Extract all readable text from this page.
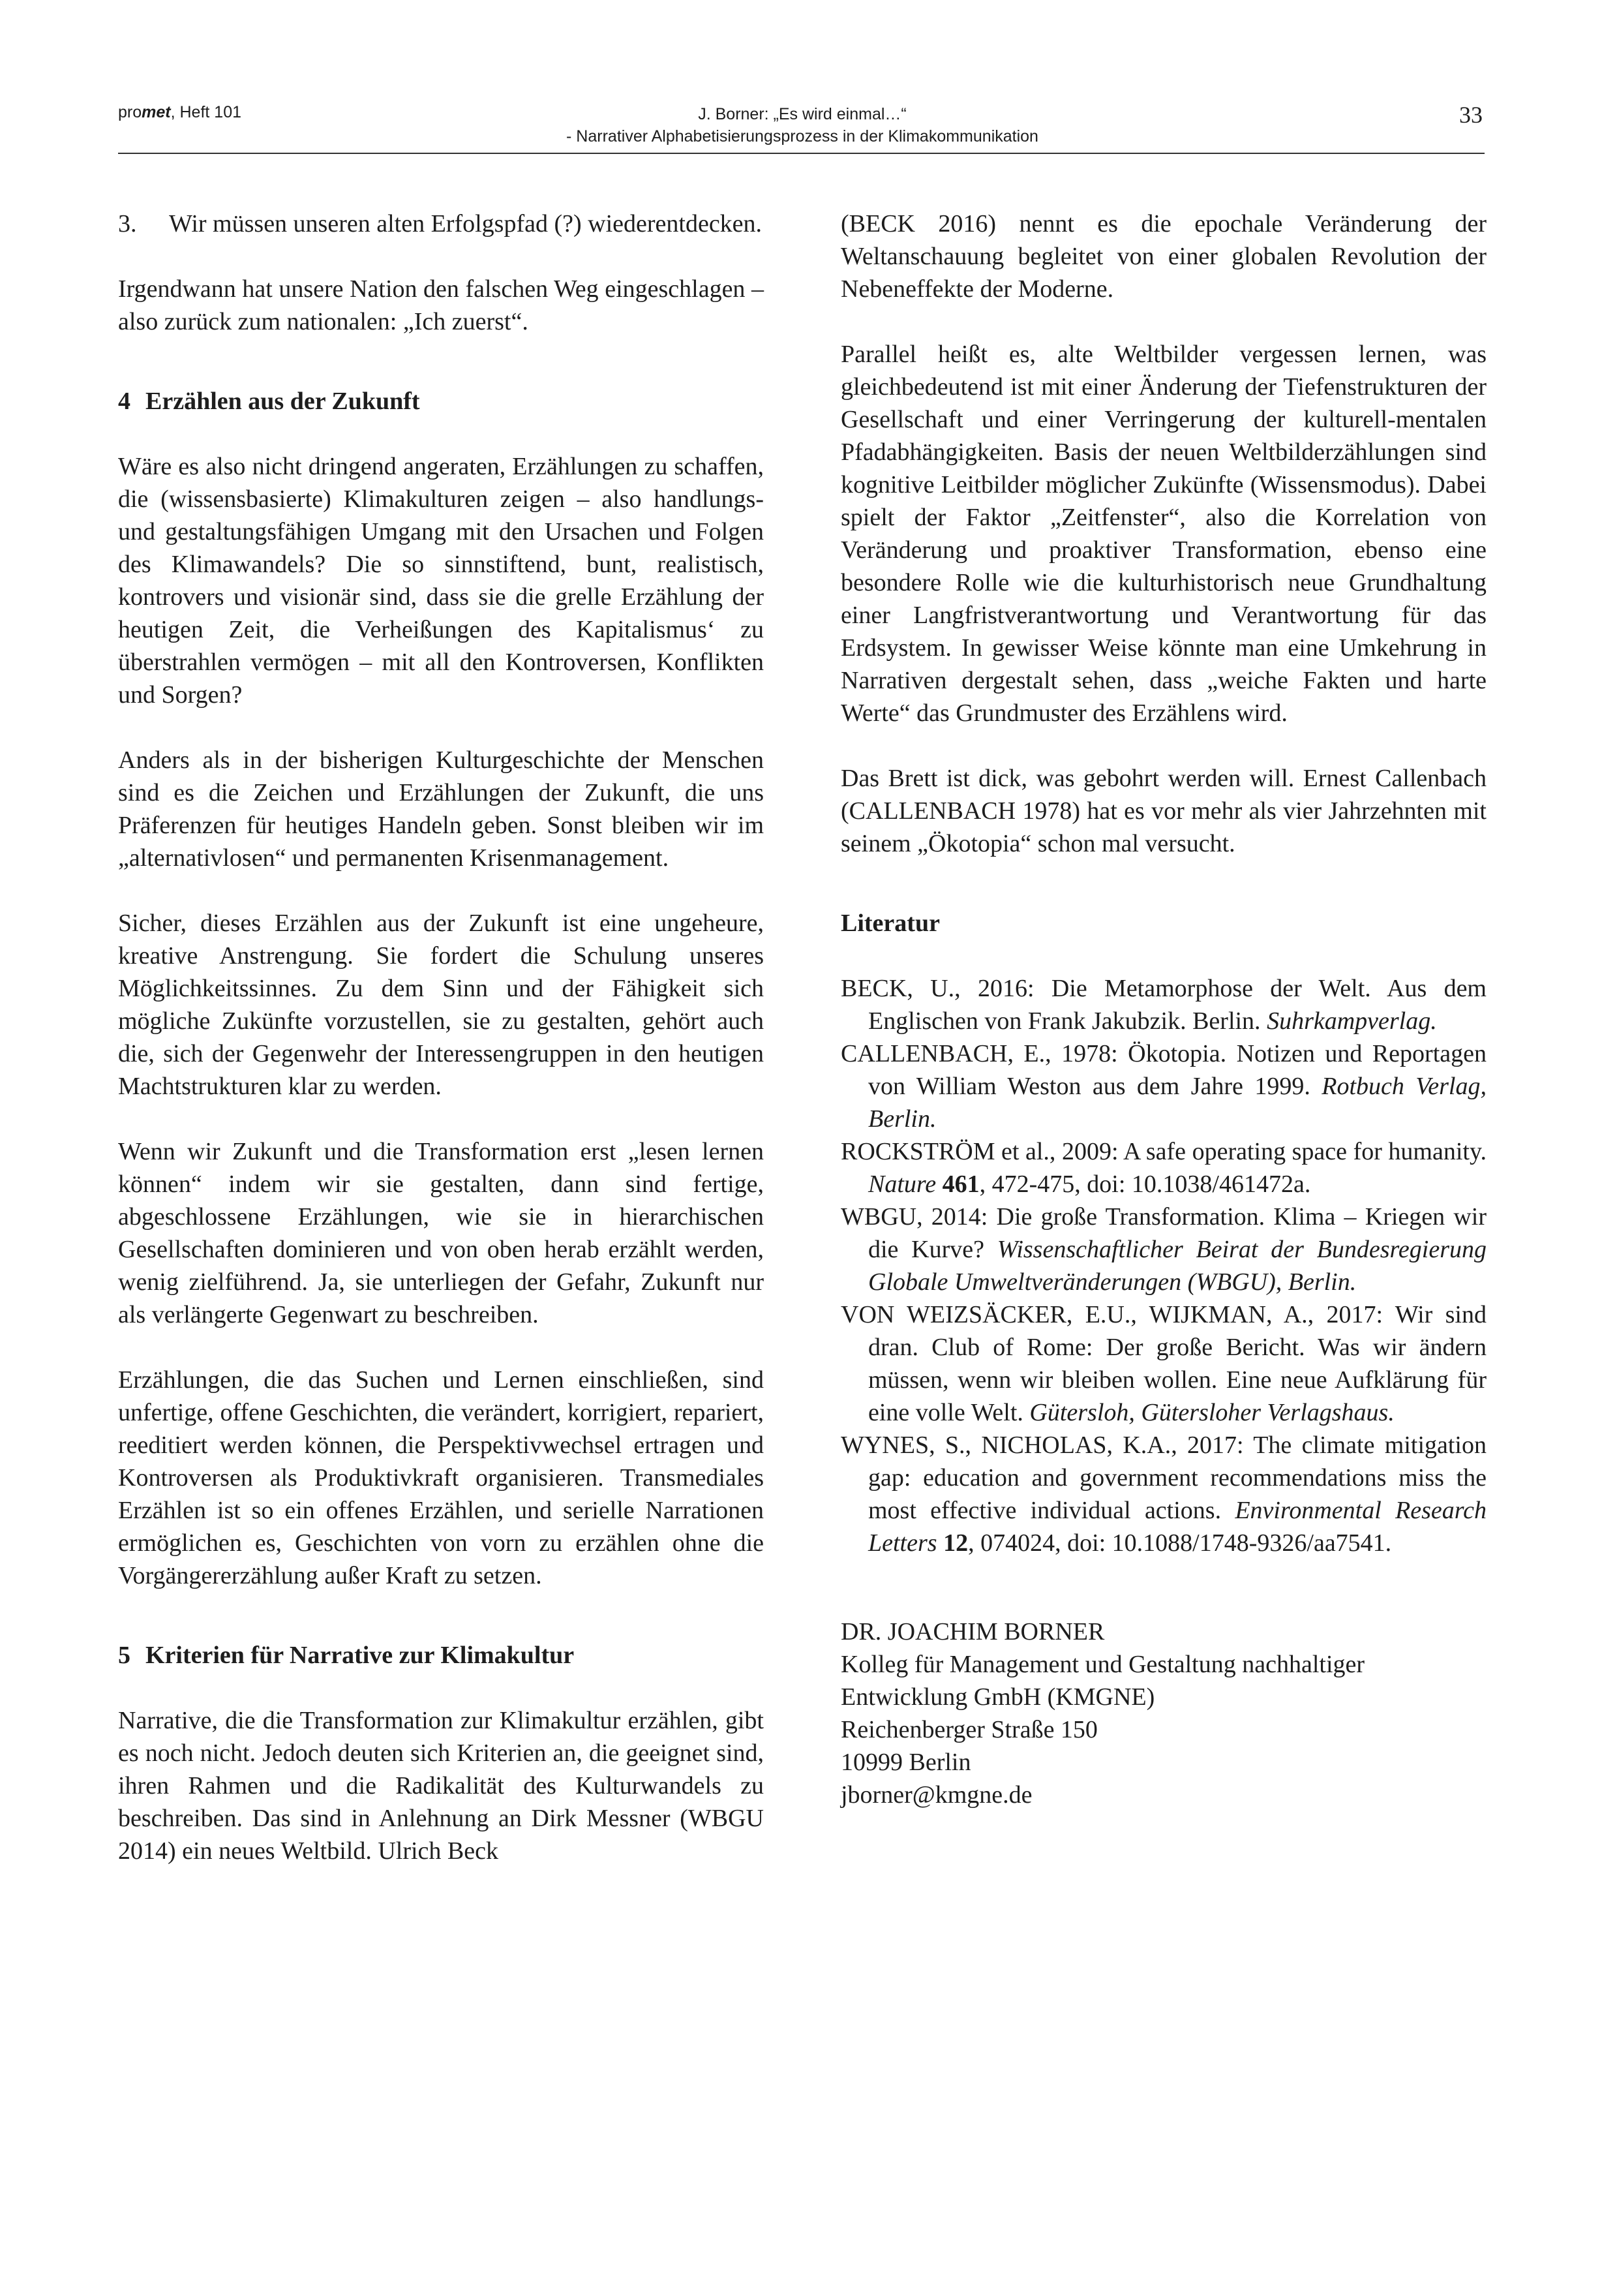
promet, Heft 101	J. Borner: „Es wird einmal…“
- Narrativer Alphabetisierungsprozess in der Klimakommunikation
33

3. Wir müssen unseren alten Erfolgspfad (?) wiederentdecken.

Irgendwann hat unsere Nation den falschen Weg eingeschlagen – also zurück zum nationalen: „Ich zuerst“.

4 Erzählen aus der Zukunft

Wäre es also nicht dringend angeraten, Erzählungen zu schaffen, die (wissensbasierte) Klimakulturen zeigen – also handlungs- und gestaltungsfähigen Umgang mit den Ursachen und Folgen des Klimawandels? Die so sinnstiftend, bunt, realistisch, kontrovers und visionär sind, dass sie die grelle Erzählung der heutigen Zeit, die Verheißungen des Kapitalismus‘ zu überstrahlen vermögen – mit all den Kontroversen, Konflikten und Sorgen?

Anders als in der bisherigen Kulturgeschichte der Menschen sind es die Zeichen und Erzählungen der Zukunft, die uns Präferenzen für heutiges Handeln geben. Sonst bleiben wir im „alternativlosen“ und permanenten Krisenmanagement.

Sicher, dieses Erzählen aus der Zukunft ist eine ungeheure, kreative Anstrengung. Sie fordert die Schulung unseres Möglichkeitssinnes. Zu dem Sinn und der Fähigkeit sich mögliche Zukünfte vorzustellen, sie zu gestalten, gehört auch die, sich der Gegenwehr der Interessengruppen in den heutigen Machtstrukturen klar zu werden.

Wenn wir Zukunft und die Transformation erst „lesen lernen können“ indem wir sie gestalten, dann sind fertige, abgeschlossene Erzählungen, wie sie in hierarchischen Gesellschaften dominieren und von oben herab erzählt werden, wenig zielführend. Ja, sie unterliegen der Gefahr, Zukunft nur als verlängerte Gegenwart zu beschreiben.

Erzählungen, die das Suchen und Lernen einschließen, sind unfertige, offene Geschichten, die verändert, korrigiert, repariert, reeditiert werden können, die Perspektivwechsel ertragen und Kontroversen als Produktivkraft organisieren. Transmediales Erzählen ist so ein offenes Erzählen, und serielle Narrationen ermöglichen es, Geschichten von vorn zu erzählen ohne die Vorgängererzählung außer Kraft zu setzen.

5 Kriterien für Narrative zur Klimakultur

Narrative, die die Transformation zur Klimakultur erzählen, gibt es noch nicht. Jedoch deuten sich Kriterien an, die geeignet sind, ihren Rahmen und die Radikalität des Kulturwandels zu beschreiben. Das sind in Anlehnung an Dirk Messner (WBGU 2014) ein neues Weltbild. Ulrich Beck

(BECK 2016) nennt es die epochale Veränderung der Weltanschauung begleitet von einer globalen Revolution der Nebeneffekte der Moderne.

Parallel heißt es, alte Weltbilder vergessen lernen, was gleichbedeutend ist mit einer Änderung der Tiefenstrukturen der Gesellschaft und einer Verringerung der kulturell-mentalen Pfadabhängigkeiten. Basis der neuen Weltbilderzählungen sind kognitive Leitbilder möglicher Zukünfte (Wissensmodus). Dabei spielt der Faktor „Zeitfenster“, also die Korrelation von Veränderung und proaktiver Transformation, ebenso eine besondere Rolle wie die kulturhistorisch neue Grundhaltung einer Langfristverantwortung und Verantwortung für das Erdsystem. In gewisser Weise könnte man eine Umkehrung in Narrativen dergestalt sehen, dass „weiche Fakten und harte Werte“ das Grundmuster des Erzählens wird.

Das Brett ist dick, was gebohrt werden will. Ernest Callenbach (CALLENBACH 1978) hat es vor mehr als vier Jahrzehnten mit seinem „Ökotopia“ schon mal versucht.

Literatur

BECK, U., 2016: Die Metamorphose der Welt. Aus dem Englischen von Frank Jakubzik. Berlin. Suhrkampverlag.

CALLENBACH, E., 1978: Ökotopia. Notizen und Reportagen von William Weston aus dem Jahre 1999. Rotbuch Verlag, Berlin.

ROCKSTRÖM et al., 2009: A safe operating space for humanity. Nature 461, 472-475, doi: 10.1038/461472a.

WBGU, 2014: Die große Transformation. Klima – Kriegen wir die Kurve? Wissenschaftlicher Beirat der Bundesregierung Globale Umweltveränderungen (WBGU), Berlin.

VON WEIZSÄCKER, E.U., WIJKMAN, A., 2017: Wir sind dran. Club of Rome: Der große Bericht. Was wir ändern müssen, wenn wir bleiben wollen. Eine neue Aufklärung für eine volle Welt. Gütersloh, Gütersloher Verlagshaus.

WYNES, S., NICHOLAS, K.A., 2017: The climate mitigation gap: education and government recommendations miss the most effective individual actions. Environmental Research Letters 12, 074024, doi: 10.1088/1748-9326/aa7541.

DR. JOACHIM BORNER

Kolleg für Management und Gestaltung nachhaltiger Entwicklung GmbH (KMGNE)

Reichenberger Straße 150

10999 Berlin

jborner@kmgne.de
